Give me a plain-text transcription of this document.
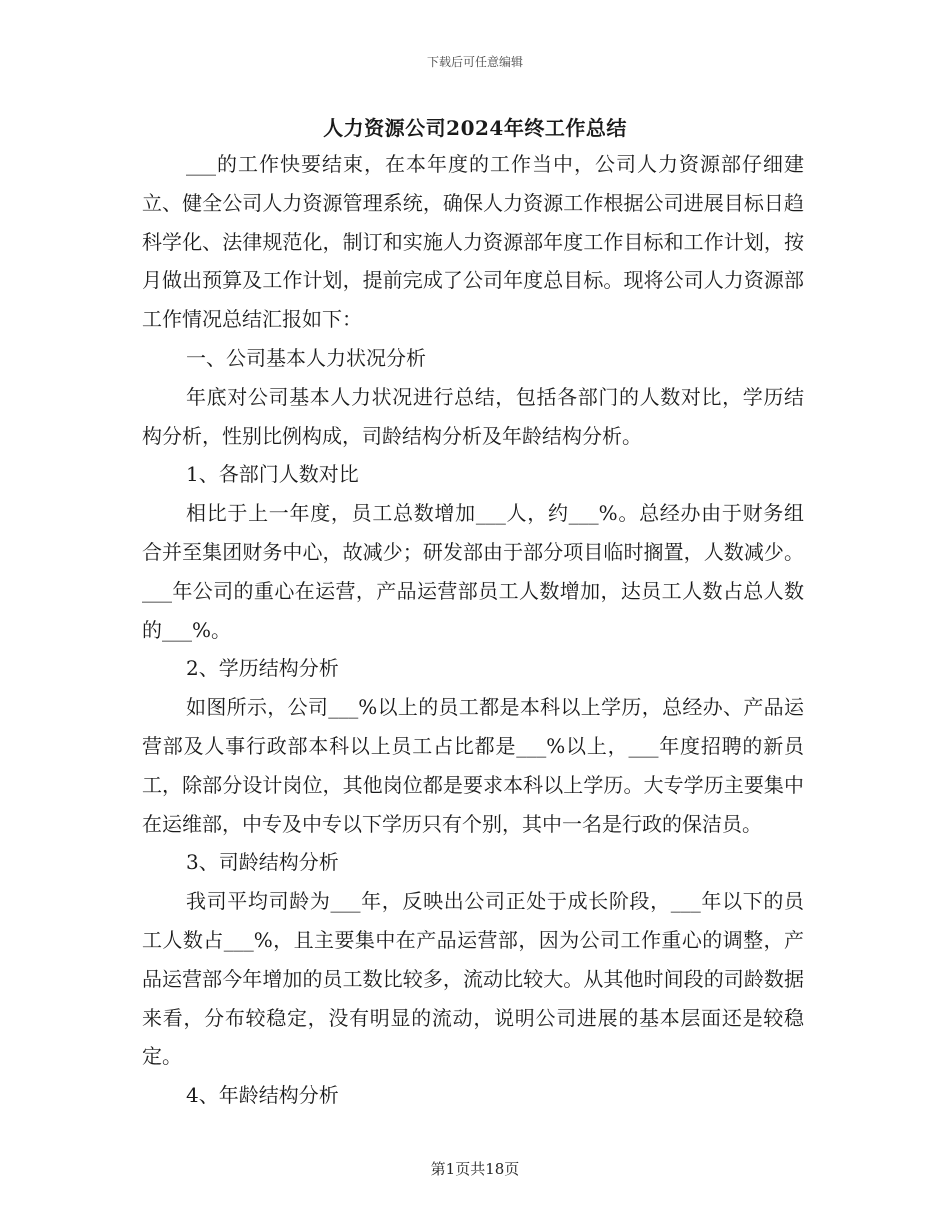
下载后可任意编辑
人力资源公司2024年终工作总结

___的工作快要结束，在本年度的工作当中，公司人力资源部仔细建立、健全公司人力资源管理系统，确保人力资源工作根据公司进展目标日趋科学化、法律规范化，制订和实施人力资源部年度工作目标和工作计划，按月做出预算及工作计划，提前完成了公司年度总目标。现将公司人力资源部工作情况总结汇报如下：

一、公司基本人力状况分析

年底对公司基本人力状况进行总结，包括各部门的人数对比，学历结构分析，性别比例构成，司龄结构分析及年龄结构分析。

1、各部门人数对比

相比于上一年度，员工总数增加___人，约___%。总经办由于财务组合并至集团财务中心，故减少；研发部由于部分项目临时搁置，人数减少。___年公司的重心在运营，产品运营部员工人数增加，达员工人数占总人数的___%。

2、学历结构分析

如图所示，公司___%以上的员工都是本科以上学历，总经办、产品运营部及人事行政部本科以上员工占比都是___%以上，___年度招聘的新员工，除部分设计岗位，其他岗位都是要求本科以上学历。大专学历主要集中在运维部，中专及中专以下学历只有个别，其中一名是行政的保洁员。

3、司龄结构分析

我司平均司龄为___年，反映出公司正处于成长阶段，___年以下的员工人数占___%，且主要集中在产品运营部，因为公司工作重心的调整，产品运营部今年增加的员工数比较多，流动比较大。从其他时间段的司龄数据来看，分布较稳定，没有明显的流动，说明公司进展的基本层面还是较稳定。

4、年龄结构分析

第1页共18页
